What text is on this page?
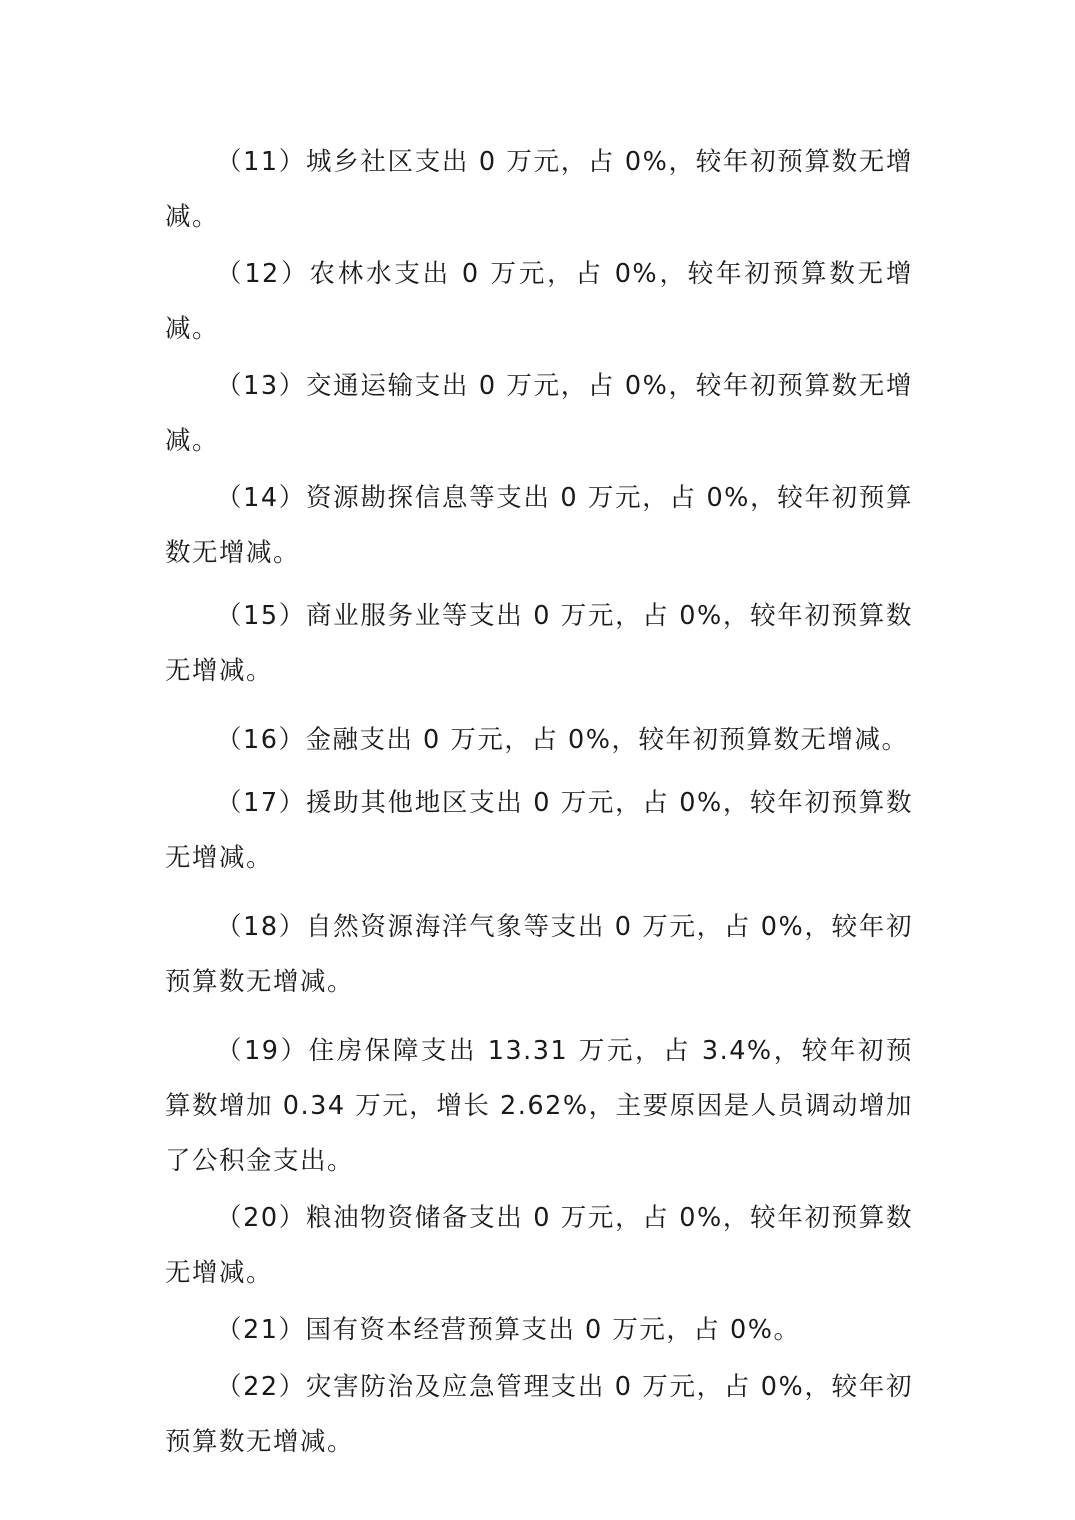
（11）城乡社区支出 0 万元，占 0%，较年初预算数无增减。

（12）农林水支出 0 万元，占 0%，较年初预算数无增减。

（13）交通运输支出 0 万元，占 0%，较年初预算数无增减。

（14）资源勘探信息等支出 0 万元，占 0%，较年初预算数无增减。

（15）商业服务业等支出 0 万元，占 0%，较年初预算数无增减。

（16）金融支出 0 万元，占 0%，较年初预算数无增减。

（17）援助其他地区支出 0 万元，占 0%，较年初预算数无增减。

（18）自然资源海洋气象等支出 0 万元，占 0%，较年初预算数无增减。

（19）住房保障支出 13.31 万元，占 3.4%，较年初预算数增加 0.34 万元，增长 2.62%，主要原因是人员调动增加了公积金支出。

（20）粮油物资储备支出 0 万元，占 0%，较年初预算数无增减。

（21）国有资本经营预算支出 0 万元，占 0%。

（22）灾害防治及应急管理支出 0 万元，占 0%，较年初预算数无增减。
